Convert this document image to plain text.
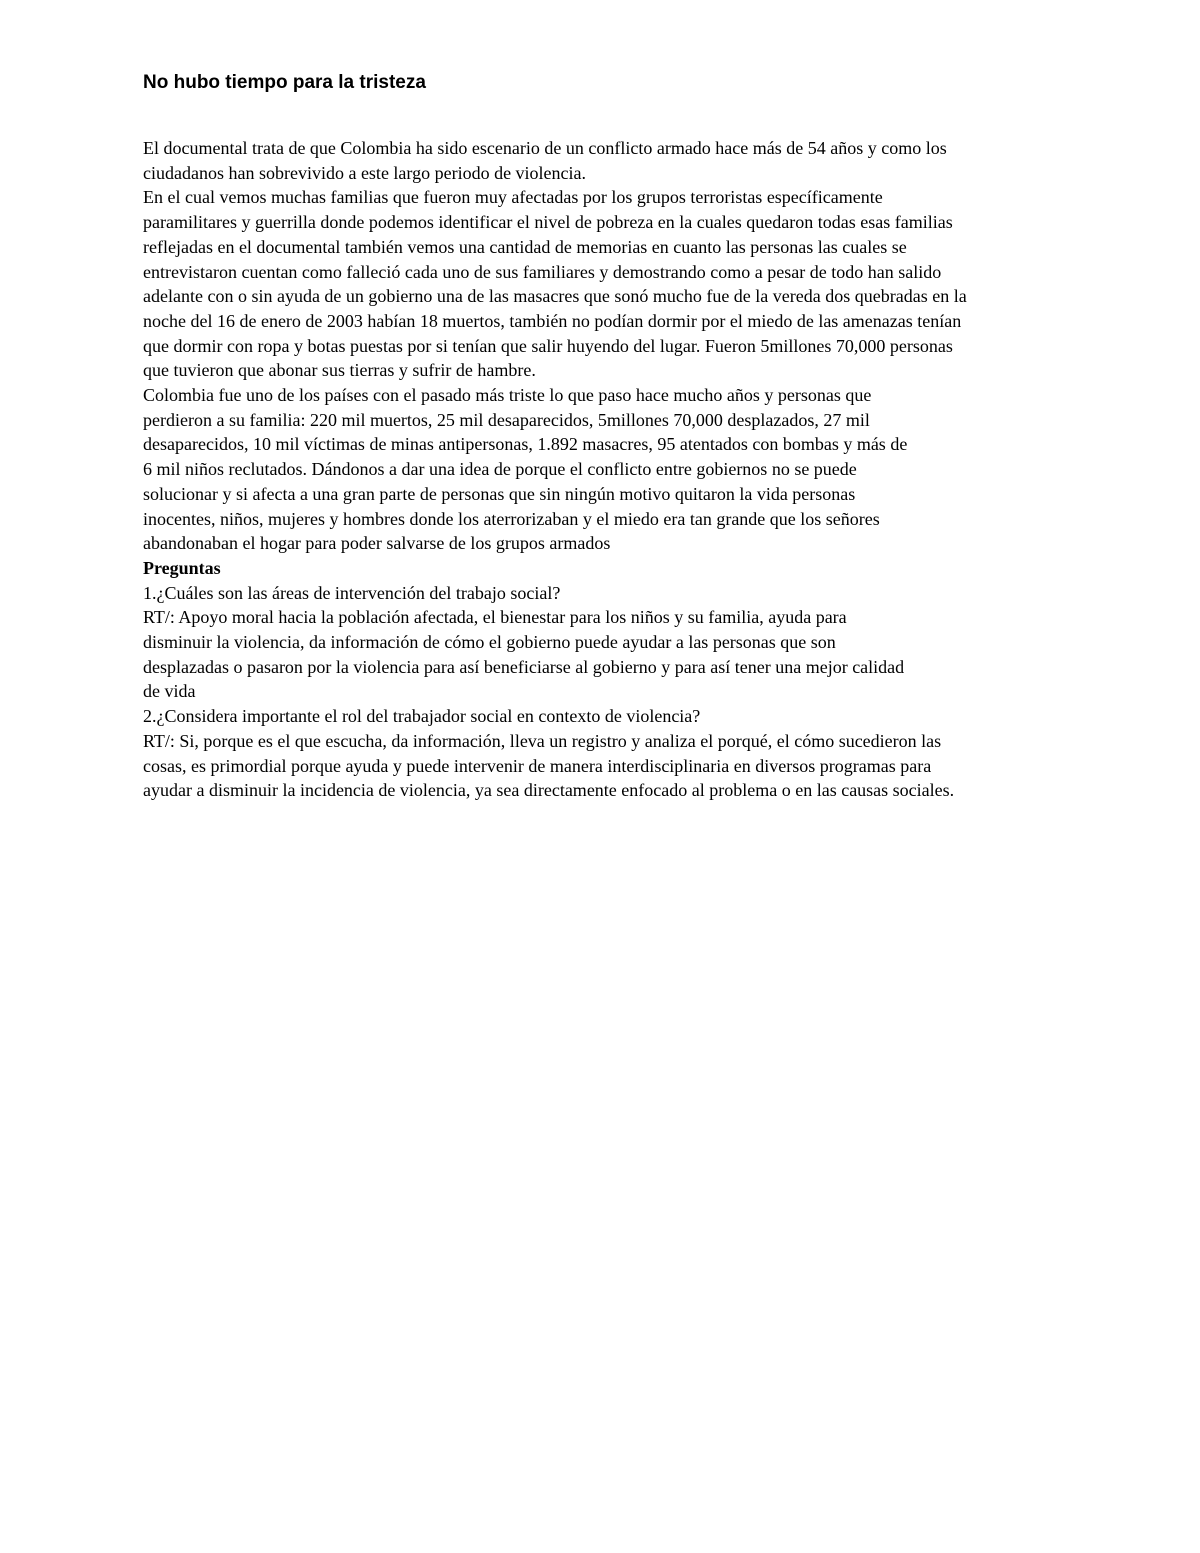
No hubo tiempo para la tristeza
El documental trata de que Colombia ha sido escenario de un conflicto armado hace más de 54 años y como los
ciudadanos han sobrevivido a este largo periodo de violencia.
En el cual vemos muchas familias que fueron muy afectadas por los grupos terroristas específicamente
paramilitares y guerrilla donde podemos identificar el nivel de pobreza en la cuales quedaron todas esas familias
reflejadas en el documental también vemos una cantidad de memorias en cuanto las personas las cuales se
entrevistaron cuentan como falleció cada uno de sus familiares y demostrando como a pesar de todo han salido
adelante con o sin ayuda de un gobierno una de las masacres que sonó mucho fue de la vereda dos quebradas en la
noche del 16 de enero de 2003 habían 18 muertos, también no podían dormir por el miedo de las amenazas tenían
que dormir con ropa y botas puestas por si tenían que salir huyendo del lugar. Fueron 5millones 70,000 personas
que tuvieron que abonar sus tierras y sufrir de hambre.
Colombia fue uno de los países con el pasado más triste lo que paso hace mucho años y personas que
perdieron a su familia: 220 mil muertos, 25 mil desaparecidos, 5millones 70,000 desplazados, 27 mil
desaparecidos, 10 mil víctimas de minas antipersonas, 1.892 masacres, 95 atentados con bombas y más de
6 mil niños reclutados. Dándonos a dar una idea de porque el conflicto entre gobiernos no se puede
solucionar y si afecta a una gran parte de personas que sin ningún motivo quitaron la vida personas
inocentes, niños, mujeres y hombres donde los aterrorizaban y el miedo era tan grande que los señores
abandonaban el hogar para poder salvarse de los grupos armados
Preguntas
1.¿Cuáles son las áreas de intervención del trabajo social?
RT/: Apoyo moral hacia la población afectada, el bienestar para los niños y su familia, ayuda para
disminuir la violencia, da información de cómo el gobierno puede ayudar a las personas que son
desplazadas o pasaron por la violencia para así beneficiarse al gobierno y para así tener una mejor calidad
de vida
2.¿Considera importante el rol del trabajador social en contexto de violencia?
RT/: Si, porque es el que escucha, da información, lleva un registro y analiza el porqué, el cómo sucedieron las
cosas, es primordial porque ayuda y puede intervenir de manera interdisciplinaria en diversos programas para
ayudar a disminuir la incidencia de violencia, ya sea directamente enfocado al problema o en las causas sociales.
